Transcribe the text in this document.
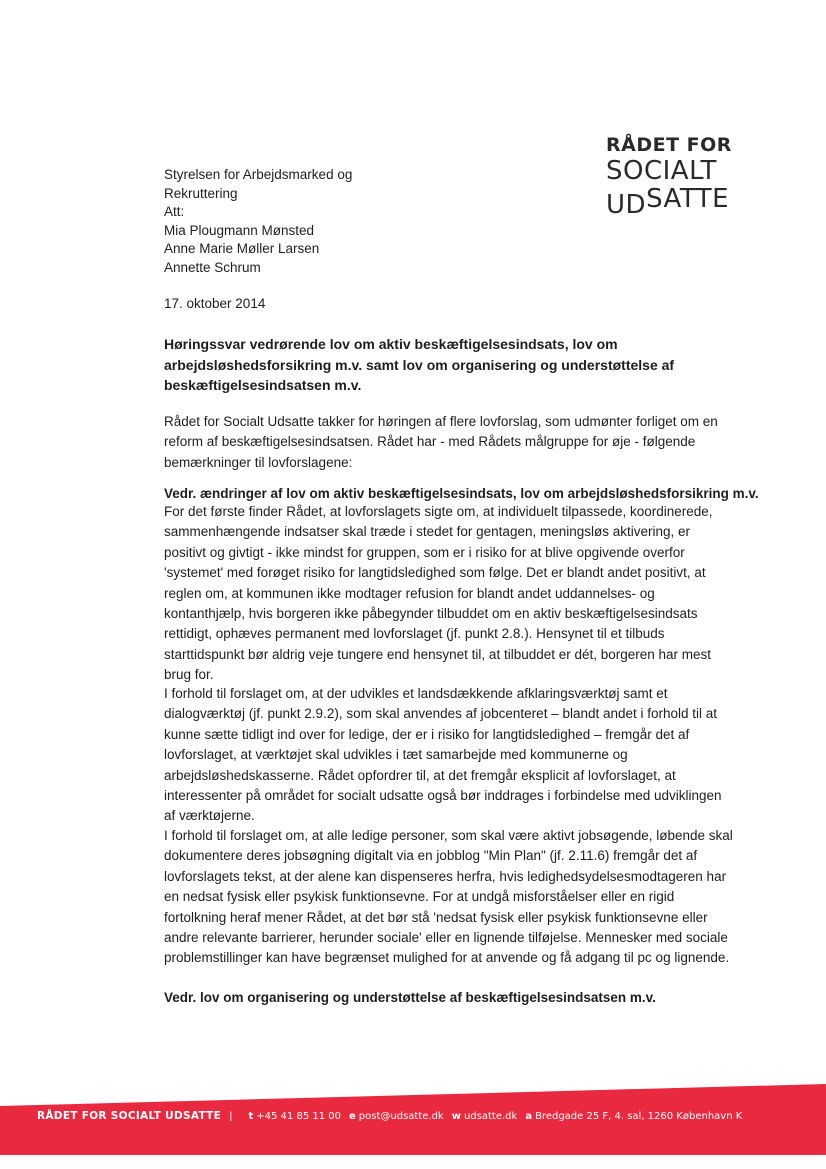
RÅDET FOR
SOCIALT
UDSATTE
Styrelsen for Arbejdsmarked og
Rekruttering
Att:
Mia Plougmann Mønsted
Anne Marie Møller Larsen
Annette Schrum
17. oktober 2014
Høringssvar vedrørende lov om aktiv beskæftigelsesindsats, lov om arbejdsløshedsforsikring m.v. samt lov om organisering og understøttelse af beskæftigelsesindsatsen m.v.
Rådet for Socialt Udsatte takker for høringen af flere lovforslag, som udmønter forliget om en reform af beskæftigelsesindsatsen. Rådet har - med Rådets målgruppe for øje - følgende bemærkninger til lovforslagene:
Vedr. ændringer af lov om aktiv beskæftigelsesindsats, lov om arbejdsløshedsforsikring m.v.
For det første finder Rådet, at lovforslagets sigte om, at individuelt tilpassede, koordinerede, sammenhængende indsatser skal træde i stedet for gentagen, meningsløs aktivering, er positivt og givtigt - ikke mindst for gruppen, som er i risiko for at blive opgivende overfor 'systemet' med forøget risiko for langtidsledighed som følge. Det er blandt andet positivt, at reglen om, at kommunen ikke modtager refusion for blandt andet uddannelses- og kontanthjælp, hvis borgeren ikke påbegynder tilbuddet om en aktiv beskæftigelsesindsats rettidigt, ophæves permanent med lovforslaget (jf. punkt 2.8.). Hensynet til et tilbuds starttidspunkt bør aldrig veje tungere end hensynet til, at tilbuddet er dét, borgeren har mest brug for.
I forhold til forslaget om, at der udvikles et landsdækkende afklaringsværktøj samt et dialogværktøj (jf. punkt 2.9.2), som skal anvendes af jobcenteret – blandt andet i forhold til at kunne sætte tidligt ind over for ledige, der er i risiko for langtidsledighed – fremgår det af lovforslaget, at værktøjet skal udvikles i tæt samarbejde med kommunerne og arbejdsløshedskasserne. Rådet opfordrer til, at det fremgår eksplicit af lovforslaget, at interessenter på området for socialt udsatte også bør inddrages i forbindelse med udviklingen af værktøjerne.
I forhold til forslaget om, at alle ledige personer, som skal være aktivt jobsøgende, løbende skal dokumentere deres jobsøgning digitalt via en jobblog "Min Plan" (jf. 2.11.6) fremgår det af lovforslagets tekst, at der alene kan dispenseres herfra, hvis ledighedsydelsesmodtageren har en nedsat fysisk eller psykisk funktionsevne. For at undgå misforståelser eller en rigid fortolkning heraf mener Rådet, at det bør stå 'nedsat fysisk eller psykisk funktionsevne eller andre relevante barrierer, herunder sociale' eller en lignende tilføjelse. Mennesker med sociale problemstillinger kan have begrænset mulighed for at anvende og få adgang til pc og lignende.
Vedr. lov om organisering og understøttelse af beskæftigelsesindsatsen m.v.
RÅDET FOR SOCIALT UDSATTE | t +45 41 85 11 00 e post@udsatte.dk w udsatte.dk a Bredgade 25 F, 4. sal, 1260 København K
